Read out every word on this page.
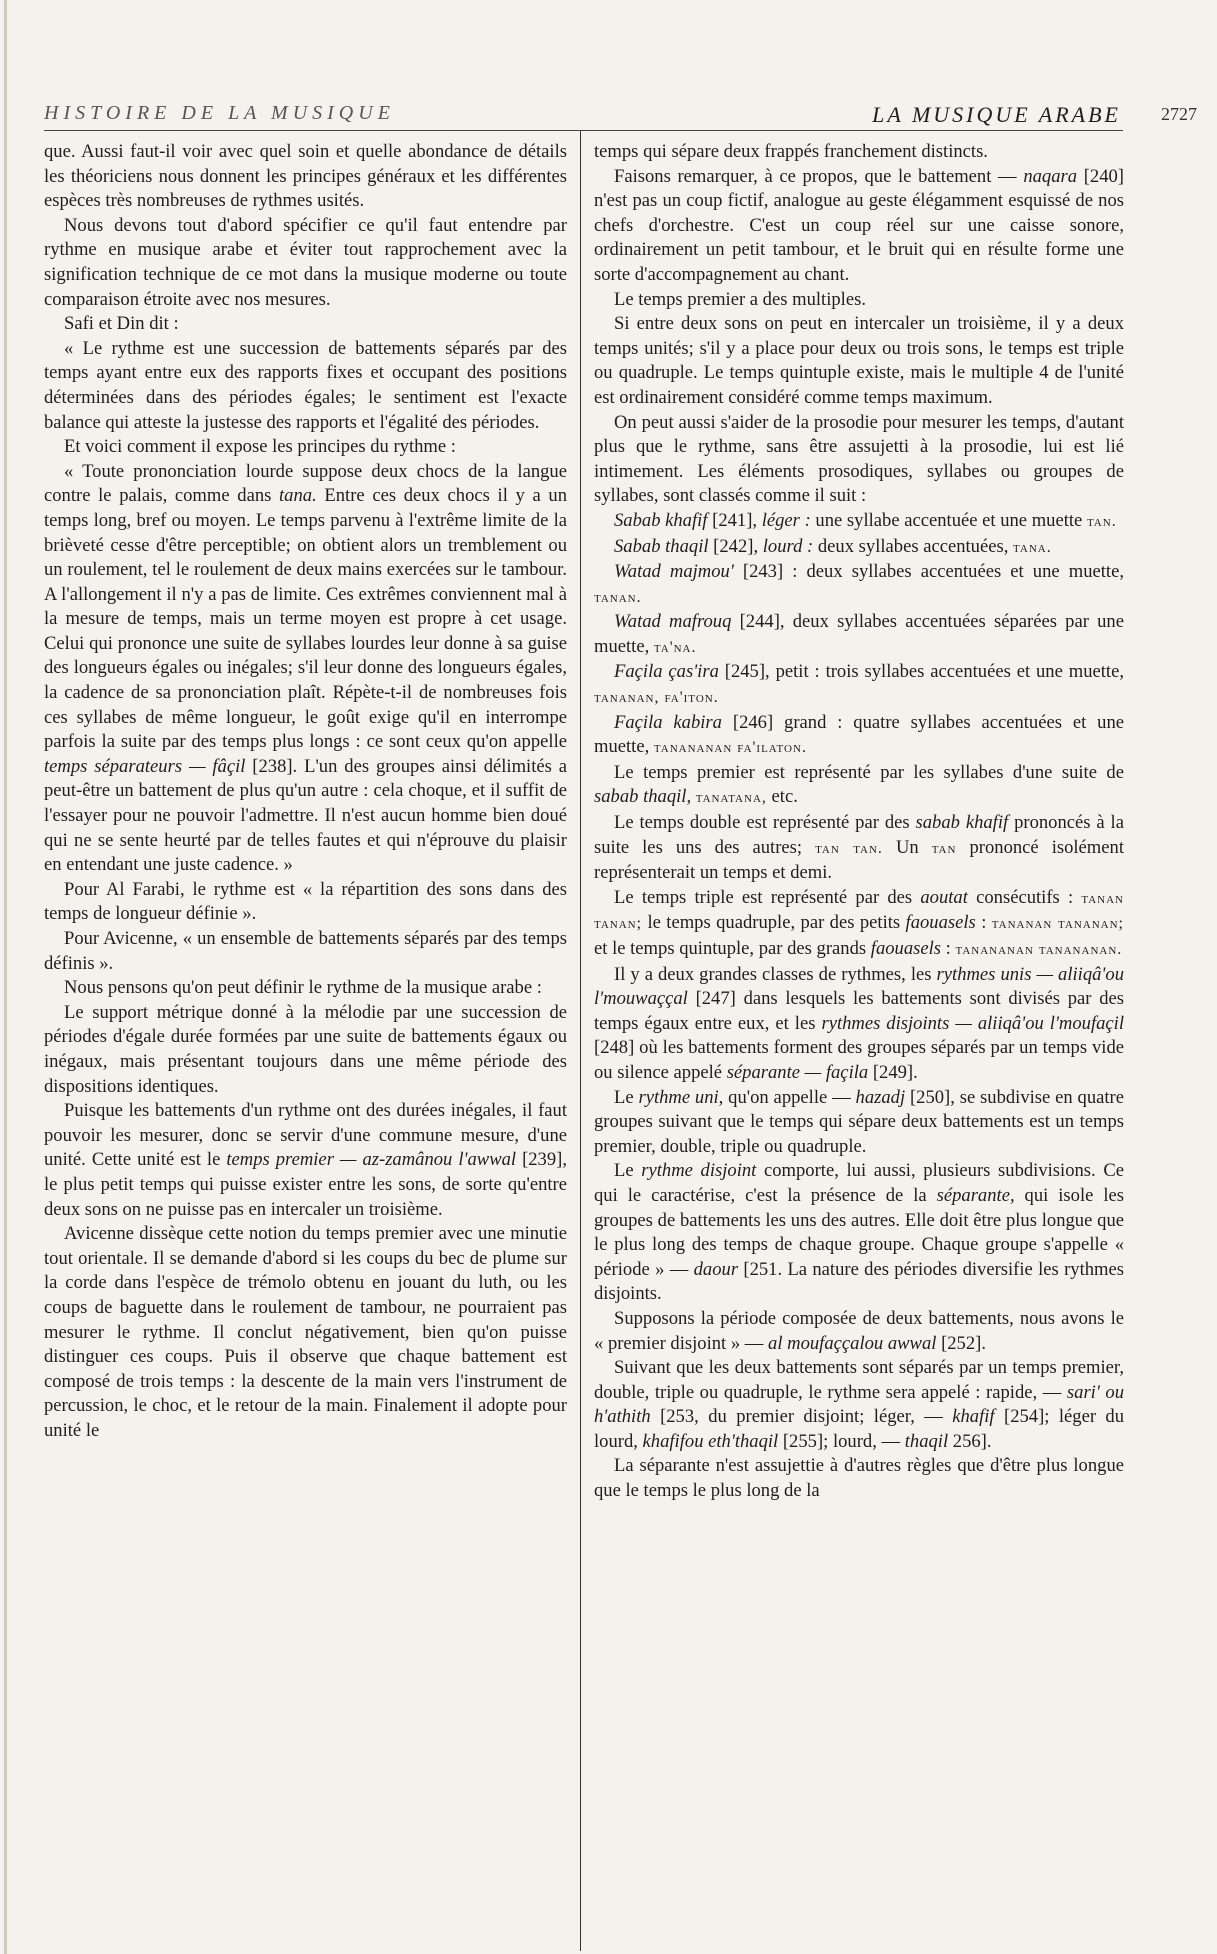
HISTOIRE DE LA MUSIQUE	LA MUSIQUE ARABE 2727

que. Aussi faut-il voir avec quel soin et quelle abondance de détails les théoriciens nous donnent les principes généraux et les différentes espèces très nombreuses de rythmes usités.

Nous devons tout d'abord spécifier ce qu'il faut entendre par rythme en musique arabe et éviter tout rapprochement avec la signification technique de ce mot dans la musique moderne ou toute comparaison étroite avec nos mesures.

Safi et Din dit :

« Le rythme est une succession de battements séparés par des temps ayant entre eux des rapports fixes et occupant des positions déterminées dans des périodes égales; le sentiment est l'exacte balance qui atteste la justesse des rapports et l'égalité des périodes.

Et voici comment il expose les principes du rythme :

« Toute prononciation lourde suppose deux chocs de la langue contre le palais, comme dans tana. Entre ces deux chocs il y a un temps long, bref ou moyen. Le temps parvenu à l'extrême limite de la brièveté cesse d'être perceptible; on obtient alors un tremblement ou un roulement, tel le roulement de deux mains exercées sur le tambour. A l'allongement il n'y a pas de limite. Ces extrêmes conviennent mal à la mesure de temps, mais un terme moyen est propre à cet usage. Celui qui prononce une suite de syllabes lourdes leur donne à sa guise des longueurs égales ou inégales; s'il leur donne des longueurs égales, la cadence de sa prononciation plaît. Répète-t-il de nombreuses fois ces syllabes de même longueur, le goût exige qu'il en interrompe parfois la suite par des temps plus longs : ce sont ceux qu'on appelle temps séparateurs — fâçil [238]. L'un des groupes ainsi délimités a peut-être un battement de plus qu'un autre : cela choque, et il suffit de l'essayer pour ne pouvoir l'admettre. Il n'est aucun homme bien doué qui ne se sente heurté par de telles fautes et qui n'éprouve du plaisir en entendant une juste cadence. »

Pour Al Farabi, le rythme est « la répartition des sons dans des temps de longueur définie ».

Pour Avicenne, « un ensemble de battements séparés par des temps définis ».

Nous pensons qu'on peut définir le rythme de la musique arabe :

Le support métrique donné à la mélodie par une succession de périodes d'égale durée formées par une suite de battements égaux ou inégaux, mais présentant toujours dans une même période des dispositions identiques.

Puisque les battements d'un rythme ont des durées inégales, il faut pouvoir les mesurer, donc se servir d'une commune mesure, d'une unité. Cette unité est le temps premier — az-zamânou l'awwal [239], le plus petit temps qui puisse exister entre les sons, de sorte qu'entre deux sons on ne puisse pas en intercaler un troisième.

Avicenne dissèque cette notion du temps premier avec une minutie tout orientale. Il se demande d'abord si les coups du bec de plume sur la corde dans l'espèce de trémolo obtenu en jouant du luth, ou les coups de baguette dans le roulement de tambour, ne pourraient pas mesurer le rythme. Il conclut négativement, bien qu'on puisse distinguer ces coups. Puis il observe que chaque battement est composé de trois temps : la descente de la main vers l'instrument de percussion, le choc, et le retour de la main. Finalement il adopte pour unité le

temps qui sépare deux frappés franchement distincts.

Faisons remarquer, à ce propos, que le battement — naqara [240] n'est pas un coup fictif, analogue au geste élégamment esquissé de nos chefs d'orchestre. C'est un coup réel sur une caisse sonore, ordinairement un petit tambour, et le bruit qui en résulte forme une sorte d'accompagnement au chant.

Le temps premier a des multiples.

Si entre deux sons on peut en intercaler un troisième, il y a deux temps unités; s'il y a place pour deux ou trois sons, le temps est triple ou quadruple. Le temps quintuple existe, mais le multiple 4 de l'unité est ordinairement considéré comme temps maximum.

On peut aussi s'aider de la prosodie pour mesurer les temps, d'autant plus que le rythme, sans être assujetti à la prosodie, lui est lié intimement. Les éléments prosodiques, syllabes ou groupes de syllabes, sont classés comme il suit :

Sabab khafif [241], léger : une syllabe accentuée et une muette tan.

Sabab thaqil [242], lourd : deux syllabes accentuées, tana.

Watad majmou' [243] : deux syllabes accentuées et une muette, tanan.

Watad mafrouq [244], deux syllabes accentuées séparées par une muette, ta'na.

Façila ças'ira [245], petit : trois syllabes accentuées et une muette, tananan, fa'iton.

Façila kabira [246] grand : quatre syllabes accentuées et une muette, tanananan fa'ilaton.

Le temps premier est représenté par les syllabes d'une suite de sabab thaqil, tanatana, etc.

Le temps double est représenté par des sabab khafif prononcés à la suite les uns des autres; tan tan. Un tan prononcé isolément représenterait un temps et demi.

Le temps triple est représenté par des aoutat consécutifs : tanan tanan; le temps quadruple, par des petits faouasels : tananan tananan; et le temps quintuple, par des grands faouasels : tanananan tanananan.

Il y a deux grandes classes de rythmes, les rythmes unis — aliiqâ'ou l'mouwaççal [247] dans lesquels les battements sont divisés par des temps égaux entre eux, et les rythmes disjoints — aliiqâ'ou l'moufaçil [248] où les battements forment des groupes séparés par un temps vide ou silence appelé séparante — façila [249].

Le rythme uni, qu'on appelle — hazadj [250], se subdivise en quatre groupes suivant que le temps qui sépare deux battements est un temps premier, double, triple ou quadruple.

Le rythme disjoint comporte, lui aussi, plusieurs subdivisions. Ce qui le caractérise, c'est la présence de la séparante, qui isole les groupes de battements les uns des autres. Elle doit être plus longue que le plus long des temps de chaque groupe. Chaque groupe s'appelle « période » — daour [251. La nature des périodes diversifie les rythmes disjoints.

Supposons la période composée de deux battements, nous avons le « premier disjoint » — al moufaççalou awwal [252].

Suivant que les deux battements sont séparés par un temps premier, double, triple ou quadruple, le rythme sera appelé : rapide, — sari' ou h'athith [253, du premier disjoint; léger, — khafif [254]; léger du lourd, khafifou eth'thaqil [255]; lourd, — thaqil 256].

La séparante n'est assujettie à d'autres règles que d'être plus longue que le temps le plus long de la
